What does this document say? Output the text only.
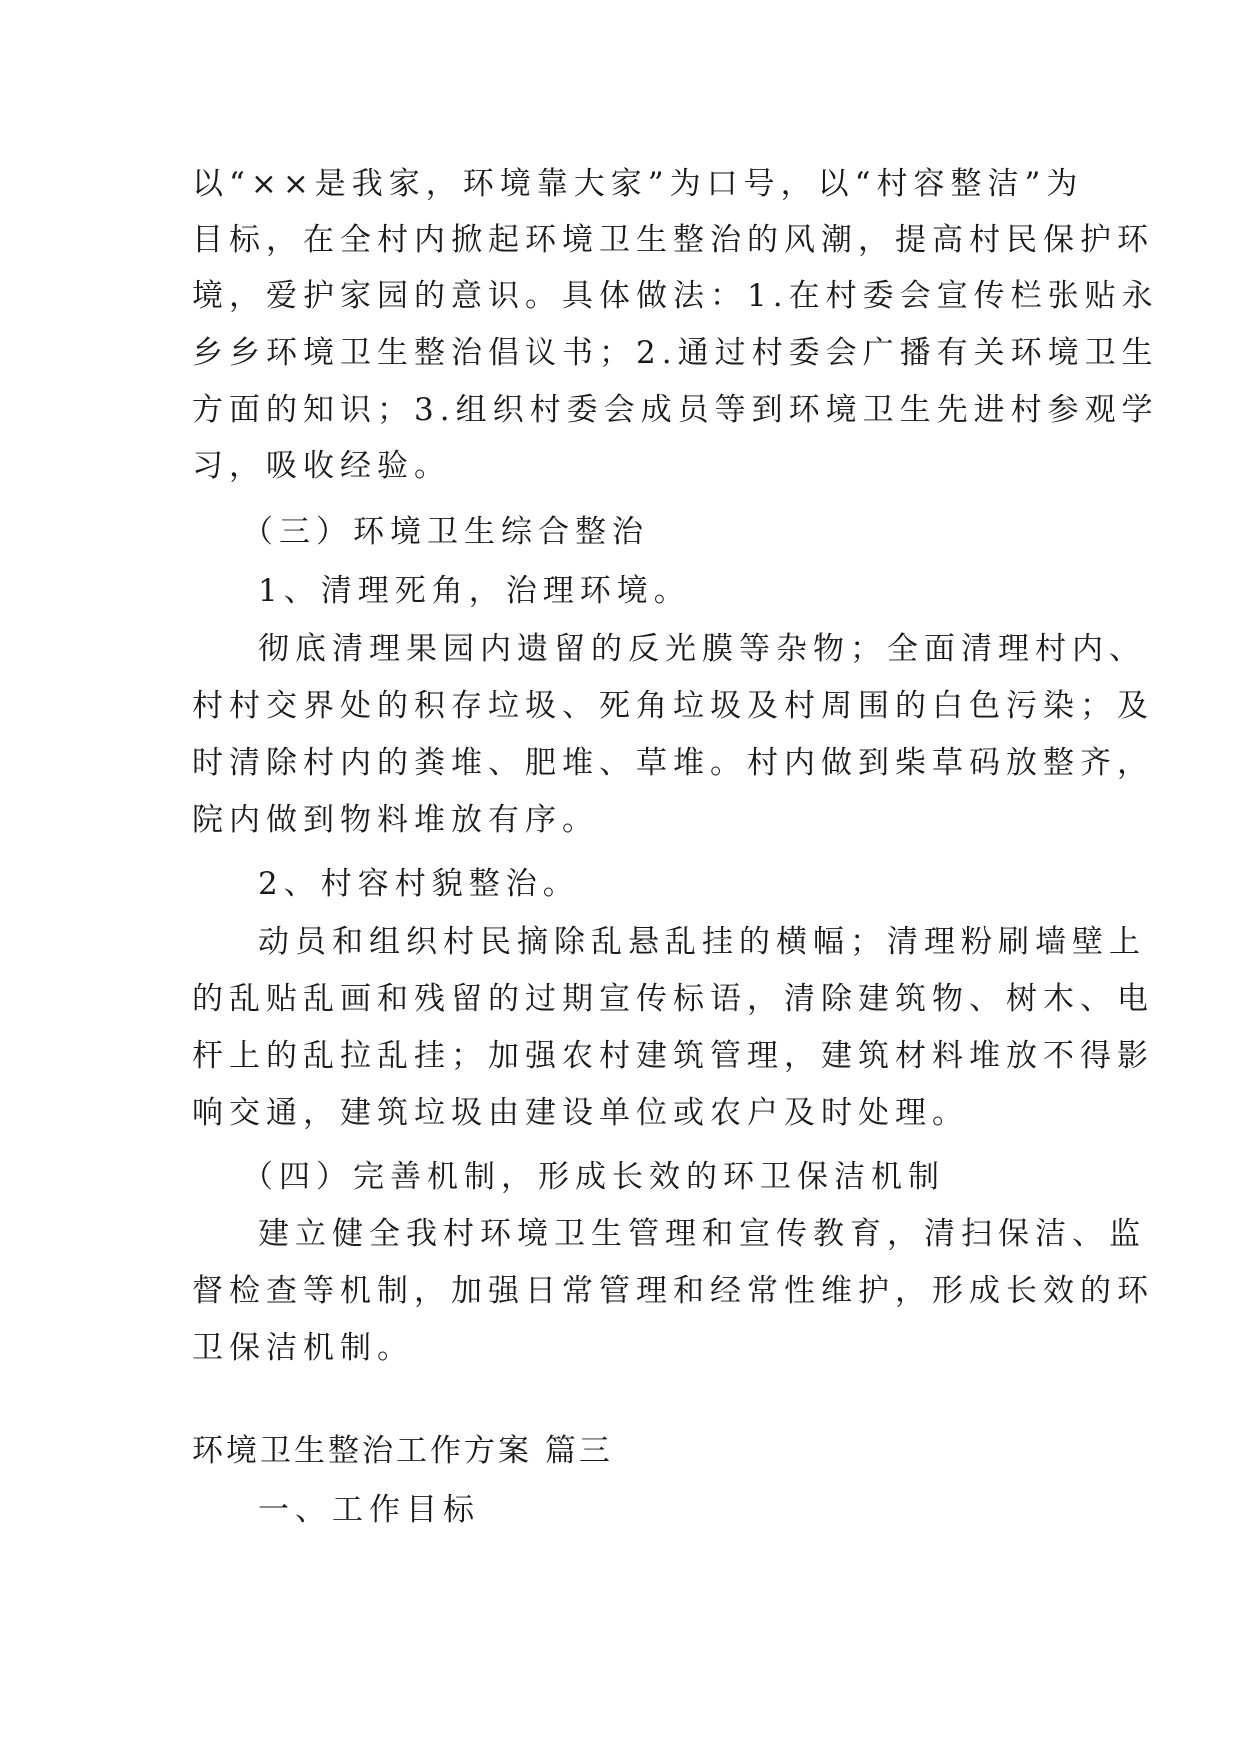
以“××是我家，环境靠大家”为口号，以“村容整洁”为
目标，在全村内掀起环境卫生整治的风潮，提高村民保护环
境，爱护家园的意识。具体做法：1.在村委会宣传栏张贴永
乡乡环境卫生整治倡议书；2.通过村委会广播有关环境卫生
方面的知识；3.组织村委会成员等到环境卫生先进村参观学
习，吸收经验。
（三）环境卫生综合整治
1、清理死角，治理环境。
彻底清理果园内遗留的反光膜等杂物；全面清理村内、
村村交界处的积存垃圾、死角垃圾及村周围的白色污染；及
时清除村内的粪堆、肥堆、草堆。村内做到柴草码放整齐，
院内做到物料堆放有序。
2、村容村貌整治。
动员和组织村民摘除乱悬乱挂的横幅；清理粉刷墙壁上
的乱贴乱画和残留的过期宣传标语，清除建筑物、树木、电
杆上的乱拉乱挂；加强农村建筑管理，建筑材料堆放不得影
响交通，建筑垃圾由建设单位或农户及时处理。
（四）完善机制，形成长效的环卫保洁机制
建立健全我村环境卫生管理和宣传教育，清扫保洁、监
督检查等机制，加强日常管理和经常性维护，形成长效的环
卫保洁机制。
环境卫生整治工作方案 篇三
一、工作目标
